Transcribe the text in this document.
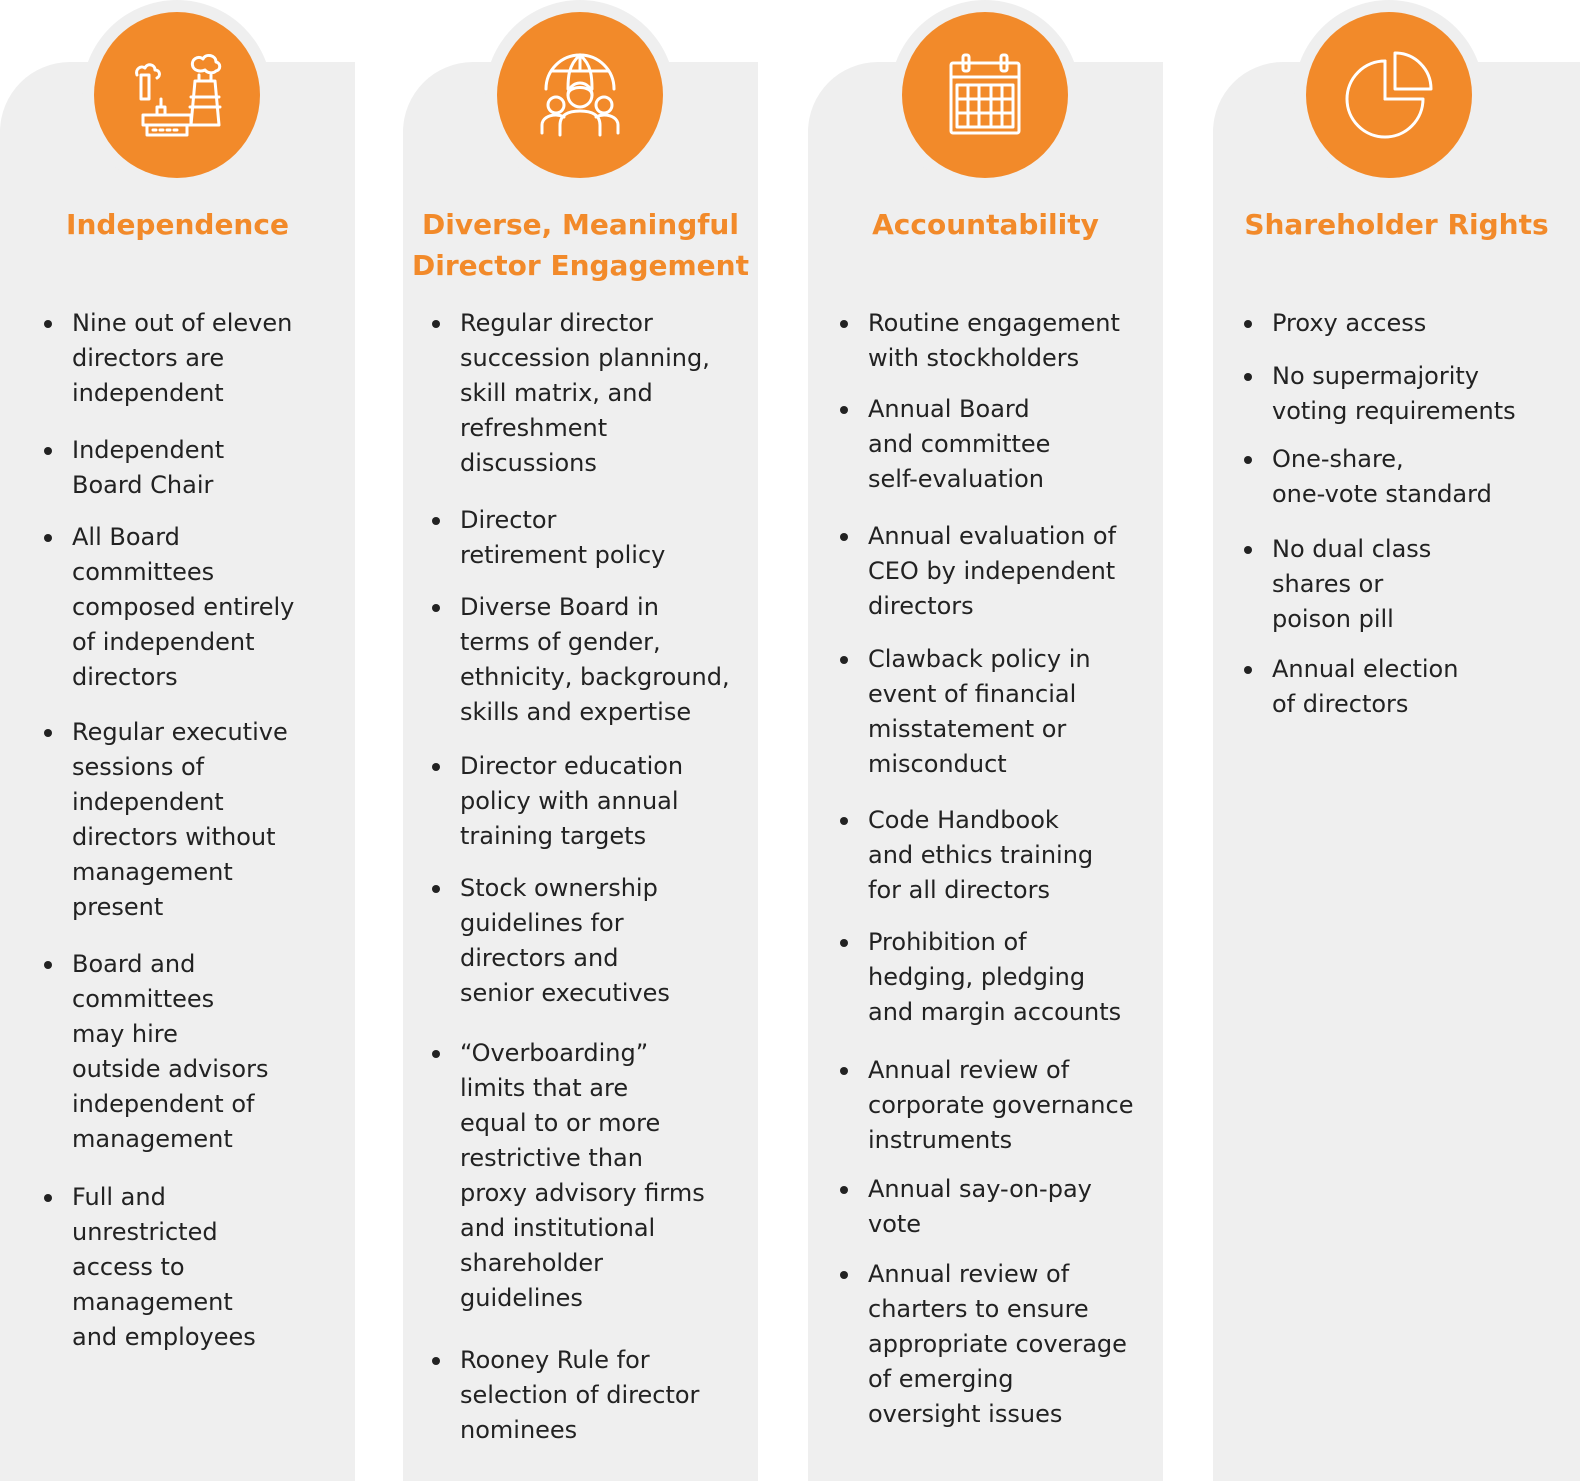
Independence
Nine out of eleven
directors are
independent
Independent
Board Chair
All Board
committees
composed entirely
of independent
directors
Regular executive
sessions of
independent
directors without
management
present
Board and
committees
may hire
outside advisors
independent of
management
Full and
unrestricted
access to
management
and employees
Diverse, Meaningful
Director Engagement
Regular director
succession planning,
skill matrix, and
refreshment
discussions
Director
retirement policy
Diverse Board in
terms of gender,
ethnicity, background,
skills and expertise
Director education
policy with annual
training targets
Stock ownership
guidelines for
directors and
senior executives
“Overboarding”
limits that are
equal to or more
restrictive than
proxy advisory firms
and institutional
shareholder
guidelines
Rooney Rule for
selection of director
nominees
Accountability
Routine engagement
with stockholders
Annual Board
and committee
self-evaluation
Annual evaluation of
CEO by independent
directors
Clawback policy in
event of financial
misstatement or
misconduct
Code Handbook
and ethics training
for all directors
Prohibition of
hedging, pledging
and margin accounts
Annual review of
corporate governance
instruments
Annual say-on-pay
vote
Annual review of
charters to ensure
appropriate coverage
of emerging
oversight issues
Shareholder Rights
Proxy access
No supermajority
voting requirements
One-share,
one-vote standard
No dual class
shares or
poison pill
Annual election
of directors
